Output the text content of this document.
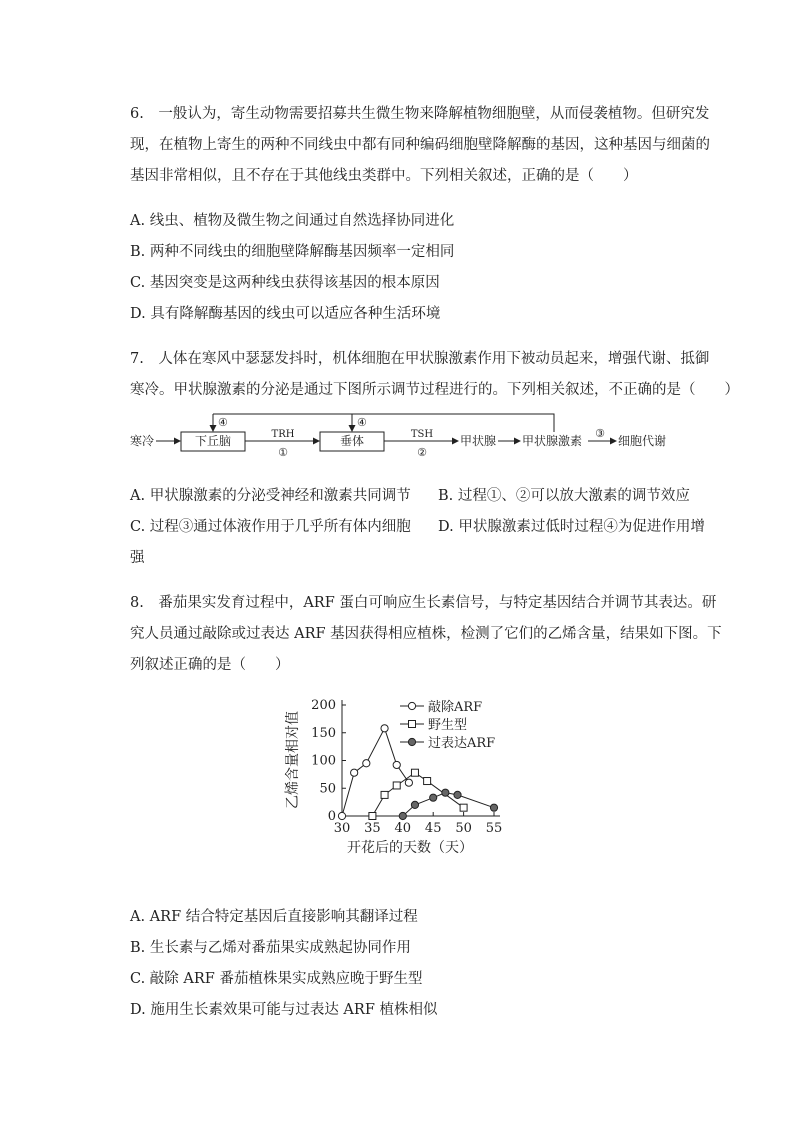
6.　一般认为，寄生动物需要招募共生微生物来降解植物细胞壁，从而侵袭植物。但研究发

现，在植物上寄生的两种不同线虫中都有同种编码细胞壁降解酶的基因，这种基因与细菌的

基因非常相似，且不存在于其他线虫类群中。下列相关叙述，正确的是（　　）

A. 线虫、植物及微生物之间通过自然选择协同进化

B. 两种不同线虫的细胞壁降解酶基因频率一定相同

C. 基因突变是这两种线虫获得该基因的根本原因

D. 具有降解酶基因的线虫可以适应各种生活环境

7.　人体在寒风中瑟瑟发抖时，机体细胞在甲状腺激素作用下被动员起来，增强代谢、抵御

寒冷。甲状腺激素的分泌是通过下图所示调节过程进行的。下列相关叙述，不正确的是（　　）

寒冷	下丘脑	TRH
①
垂体	TSH
②
甲状腺 甲状腺激素
③
细胞代谢
④	④

A. 甲状腺激素的分泌受神经和激素共同调节 B. 过程①、②可以放大激素的调节效应

C. 过程③通过体液作用于几乎所有体内细胞 D. 甲状腺激素过低时过程④为促进作用增

强

8.　番茄果实发育过程中，ARF 蛋白可响应生长素信号，与特定基因结合并调节其表达。研

究人员通过敲除或过表达 ARF 基因获得相应植株，检测了它们的乙烯含量，结果如下图。下

列叙述正确的是（　　）

30 35 40 45 50 55
0
50
100
150
200	敲除ARF
野生型
过表达ARF
开花后的天数（天）
乙烯含量相对值

A. ARF 结合特定基因后直接影响其翻译过程

B. 生长素与乙烯对番茄果实成熟起协同作用

C. 敲除 ARF 番茄植株果实成熟应晚于野生型

D. 施用生长素效果可能与过表达 ARF 植株相似
